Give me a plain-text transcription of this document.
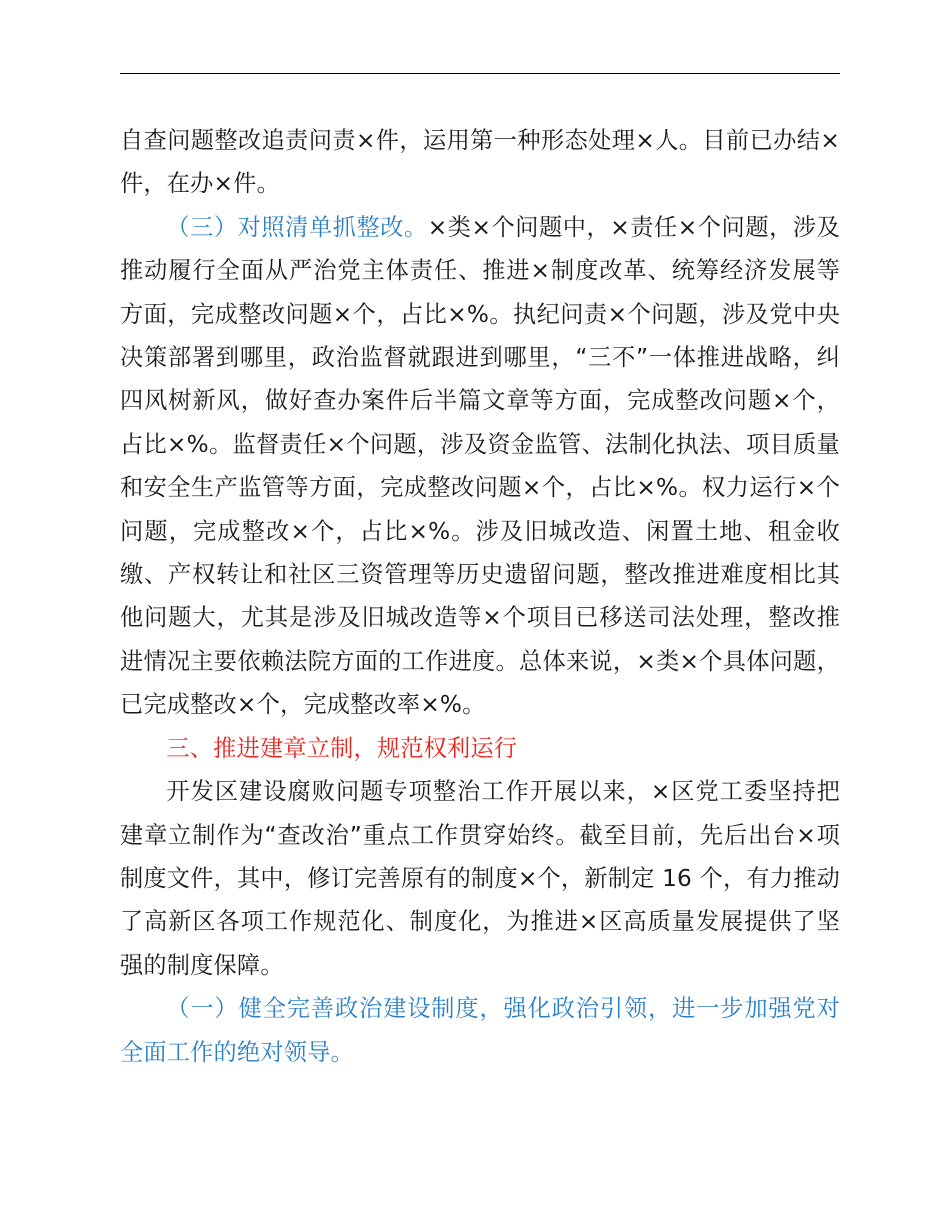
自查问题整改追责问责×件，运用第一种形态处理×人。目前已办结×件，在办×件。

（三）对照清单抓整改。×类×个问题中，×责任×个问题，涉及推动履行全面从严治党主体责任、推进×制度改革、统筹经济发展等方面，完成整改问题×个，占比×%。执纪问责×个问题，涉及党中央决策部署到哪里，政治监督就跟进到哪里，“三不”一体推进战略，纠四风树新风，做好查办案件后半篇文章等方面，完成整改问题×个，占比×%。监督责任×个问题，涉及资金监管、法制化执法、项目质量和安全生产监管等方面，完成整改问题×个，占比×%。权力运行×个问题，完成整改×个，占比×%。涉及旧城改造、闲置土地、租金收缴、产权转让和社区三资管理等历史遗留问题，整改推进难度相比其他问题大，尤其是涉及旧城改造等×个项目已移送司法处理，整改推进情况主要依赖法院方面的工作进度。总体来说，×类×个具体问题，已完成整改×个，完成整改率×%。

三、推进建章立制，规范权利运行

开发区建设腐败问题专项整治工作开展以来，×区党工委坚持把建章立制作为“查改治”重点工作贯穿始终。截至目前，先后出台×项制度文件，其中，修订完善原有的制度×个，新制定 16 个，有力推动了高新区各项工作规范化、制度化，为推进×区高质量发展提供了坚强的制度保障。

（一）健全完善政治建设制度，强化政治引领，进一步加强党对全面工作的绝对领导。
